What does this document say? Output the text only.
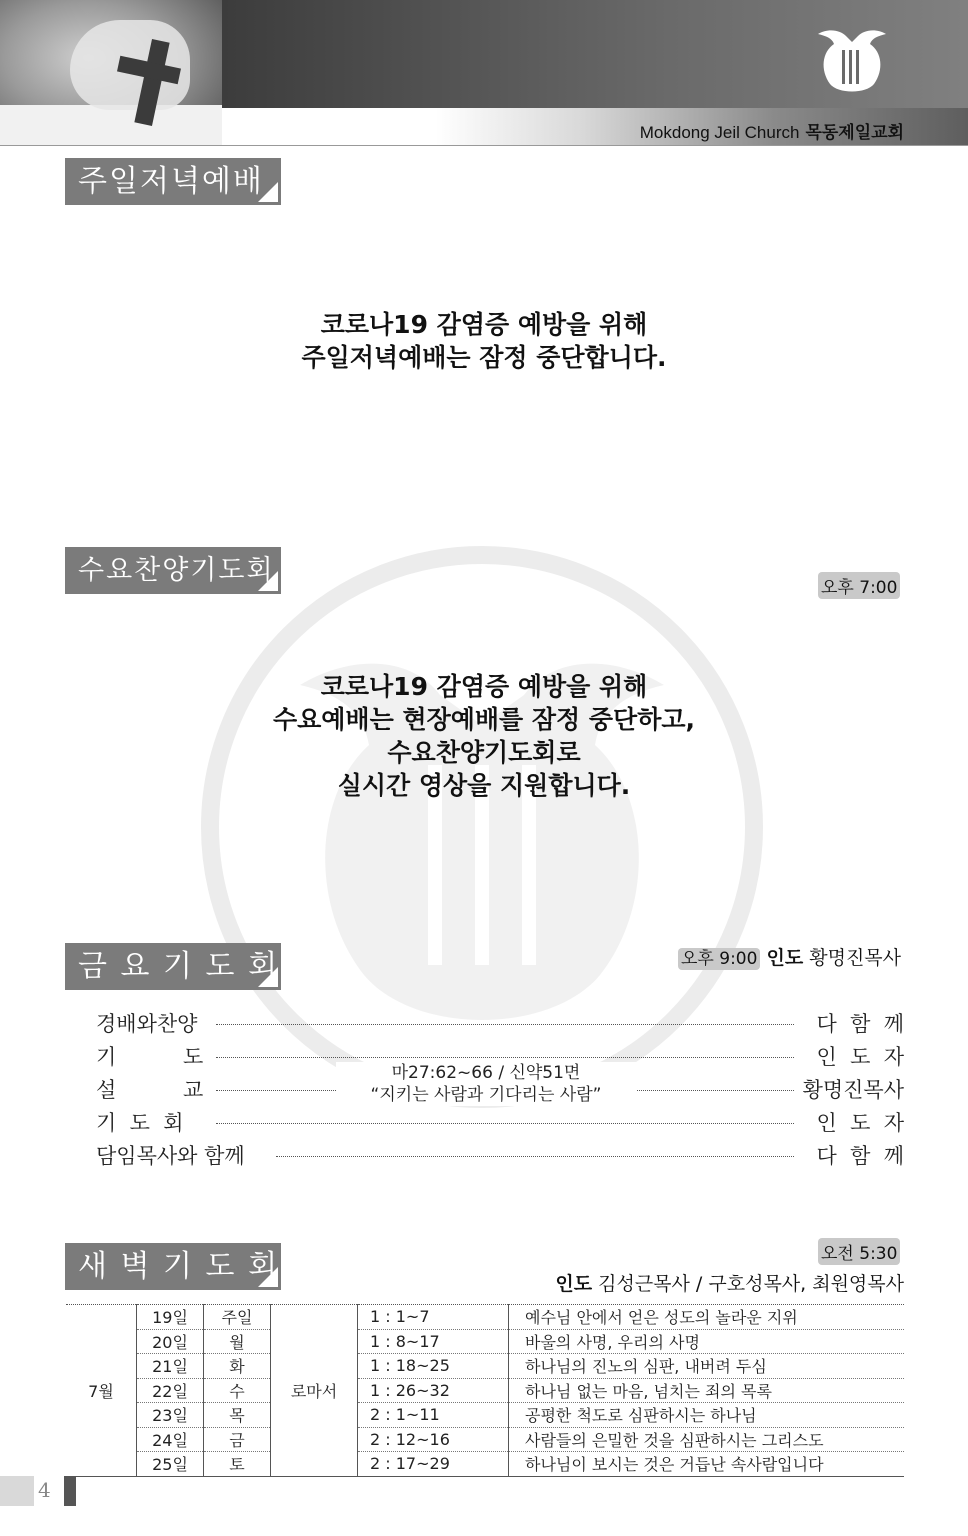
Mokdong Jeil Church 목동제일교회
주일저녁예배
코로나19 감염증 예방을 위해
주일저녁예배는 잠정 중단합니다.
수요찬양기도회
오후 7:00
코로나19 감염증 예방을 위해
수요예배는 현장예배를 잠정 중단하고,
수요찬양기도회로
실시간 영상을 지원합니다.
금 요 기 도 회	오후 9:00 인도 황명진목사
경배와찬양	다  함  께
기          도	인  도  자
설          교	황명진목사
기  도  회	인  도  자
담임목사와 함께	다  함  께
마27:62~66 / 신약51면
“지키는 사람과 기다리는 사람”
새 벽 기 도 회	오전 5:30
인도 김성근목사 / 구호성목사, 최원영목사
7월	19일	주일	로마서	1 : 1~7	예수님 안에서 얻은 성도의 놀라운 지위
	20일	월		1 : 8~17	바울의 사명, 우리의 사명
	21일	화		1 : 18~25	하나님의 진노의 심판, 내버려 두심
	22일	수		1 : 26~32	하나님 없는 마음, 넘치는 죄의 목록
	23일	목		2 : 1~11	공평한 척도로 심판하시는 하나님
	24일	금		2 : 12~16	사람들의 은밀한 것을 심판하시는 그리스도
	25일	토		2 : 17~29	하나님이 보시는 것은 거듭난 속사람입니다
4
